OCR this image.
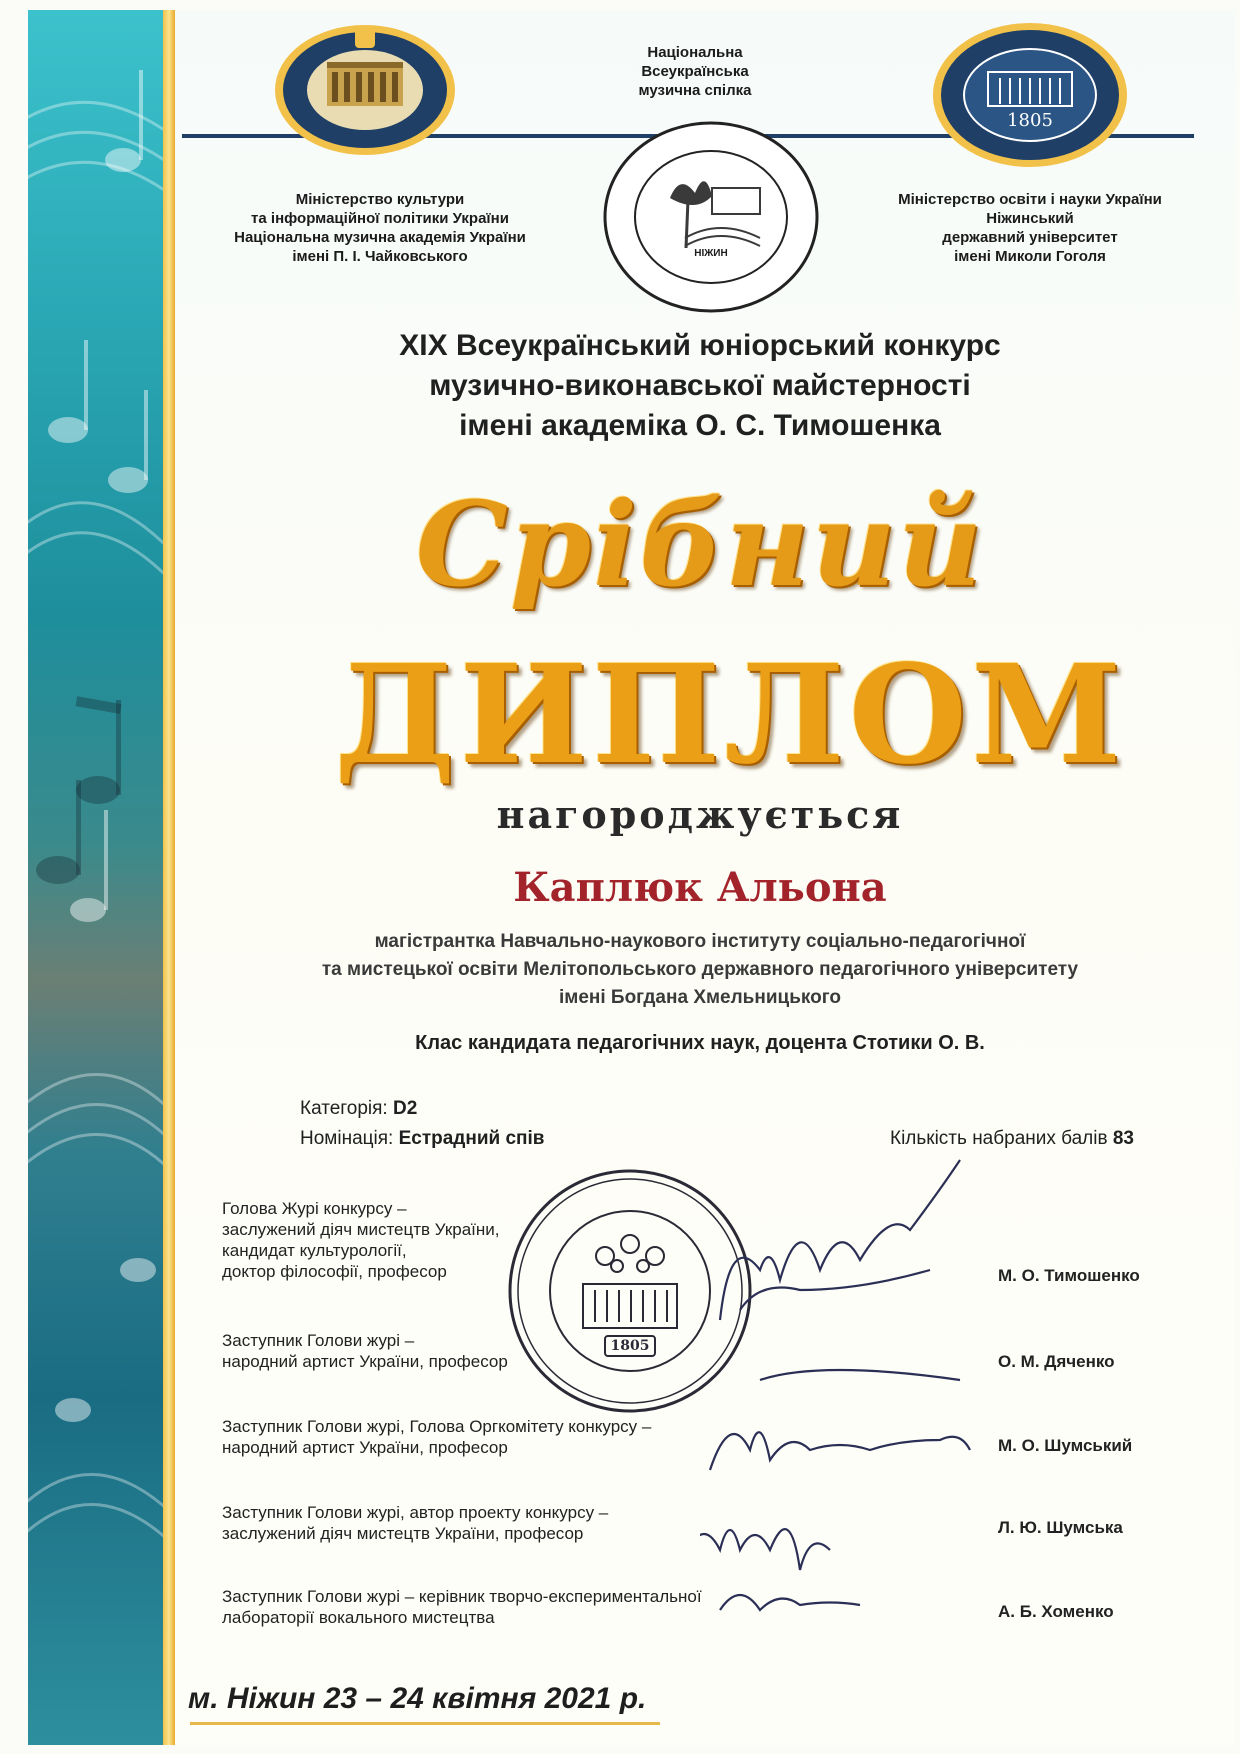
Міністерство культури
та інформаційної політики України
Національна музична академія України
імені П. І. Чайковського
Національна
Всеукраїнська
музична спілка
НІЖИН
1805
Міністерство освіти і науки України
Ніжинський
державний університет
імені Миколи Гоголя
XIX Всеукраїнський юніорський конкурс
музично-виконавської майстерності
імені академіка О. С. Тимошенка
Срібний
ДИПЛОМ
нагороджується
Каплюк Альона
магістрантка Навчально-наукового інституту соціально-педагогічної
та мистецької освіти Мелітопольського державного педагогічного університету
імені Богдана Хмельницького
Клас кандидата педагогічних наук, доцента Стотики О. В.
Категорія: D2
Номінація: Естрадний спів	Кількість набраних балів 83
Голова Журі конкурсу –
заслужений діяч мистецтв України,
кандидат культурології,
доктор філософії, професор	М. О. Тимошенко
Заступник Голови журі –
народний артист України, професор	О. М. Дяченко
Заступник Голови журі, Голова Оргкомітету конкурсу –
народний артист України, професор	М. О. Шумський
Заступник Голови журі, автор проекту конкурсу –
заслужений діяч мистецтв України, професор	Л. Ю. Шумська
Заступник Голови журі – керівник творчо-експериментальної
лабораторії вокального мистецтва	А. Б. Хоменко
1805
м. Ніжин 23 – 24 квітня 2021 р.
